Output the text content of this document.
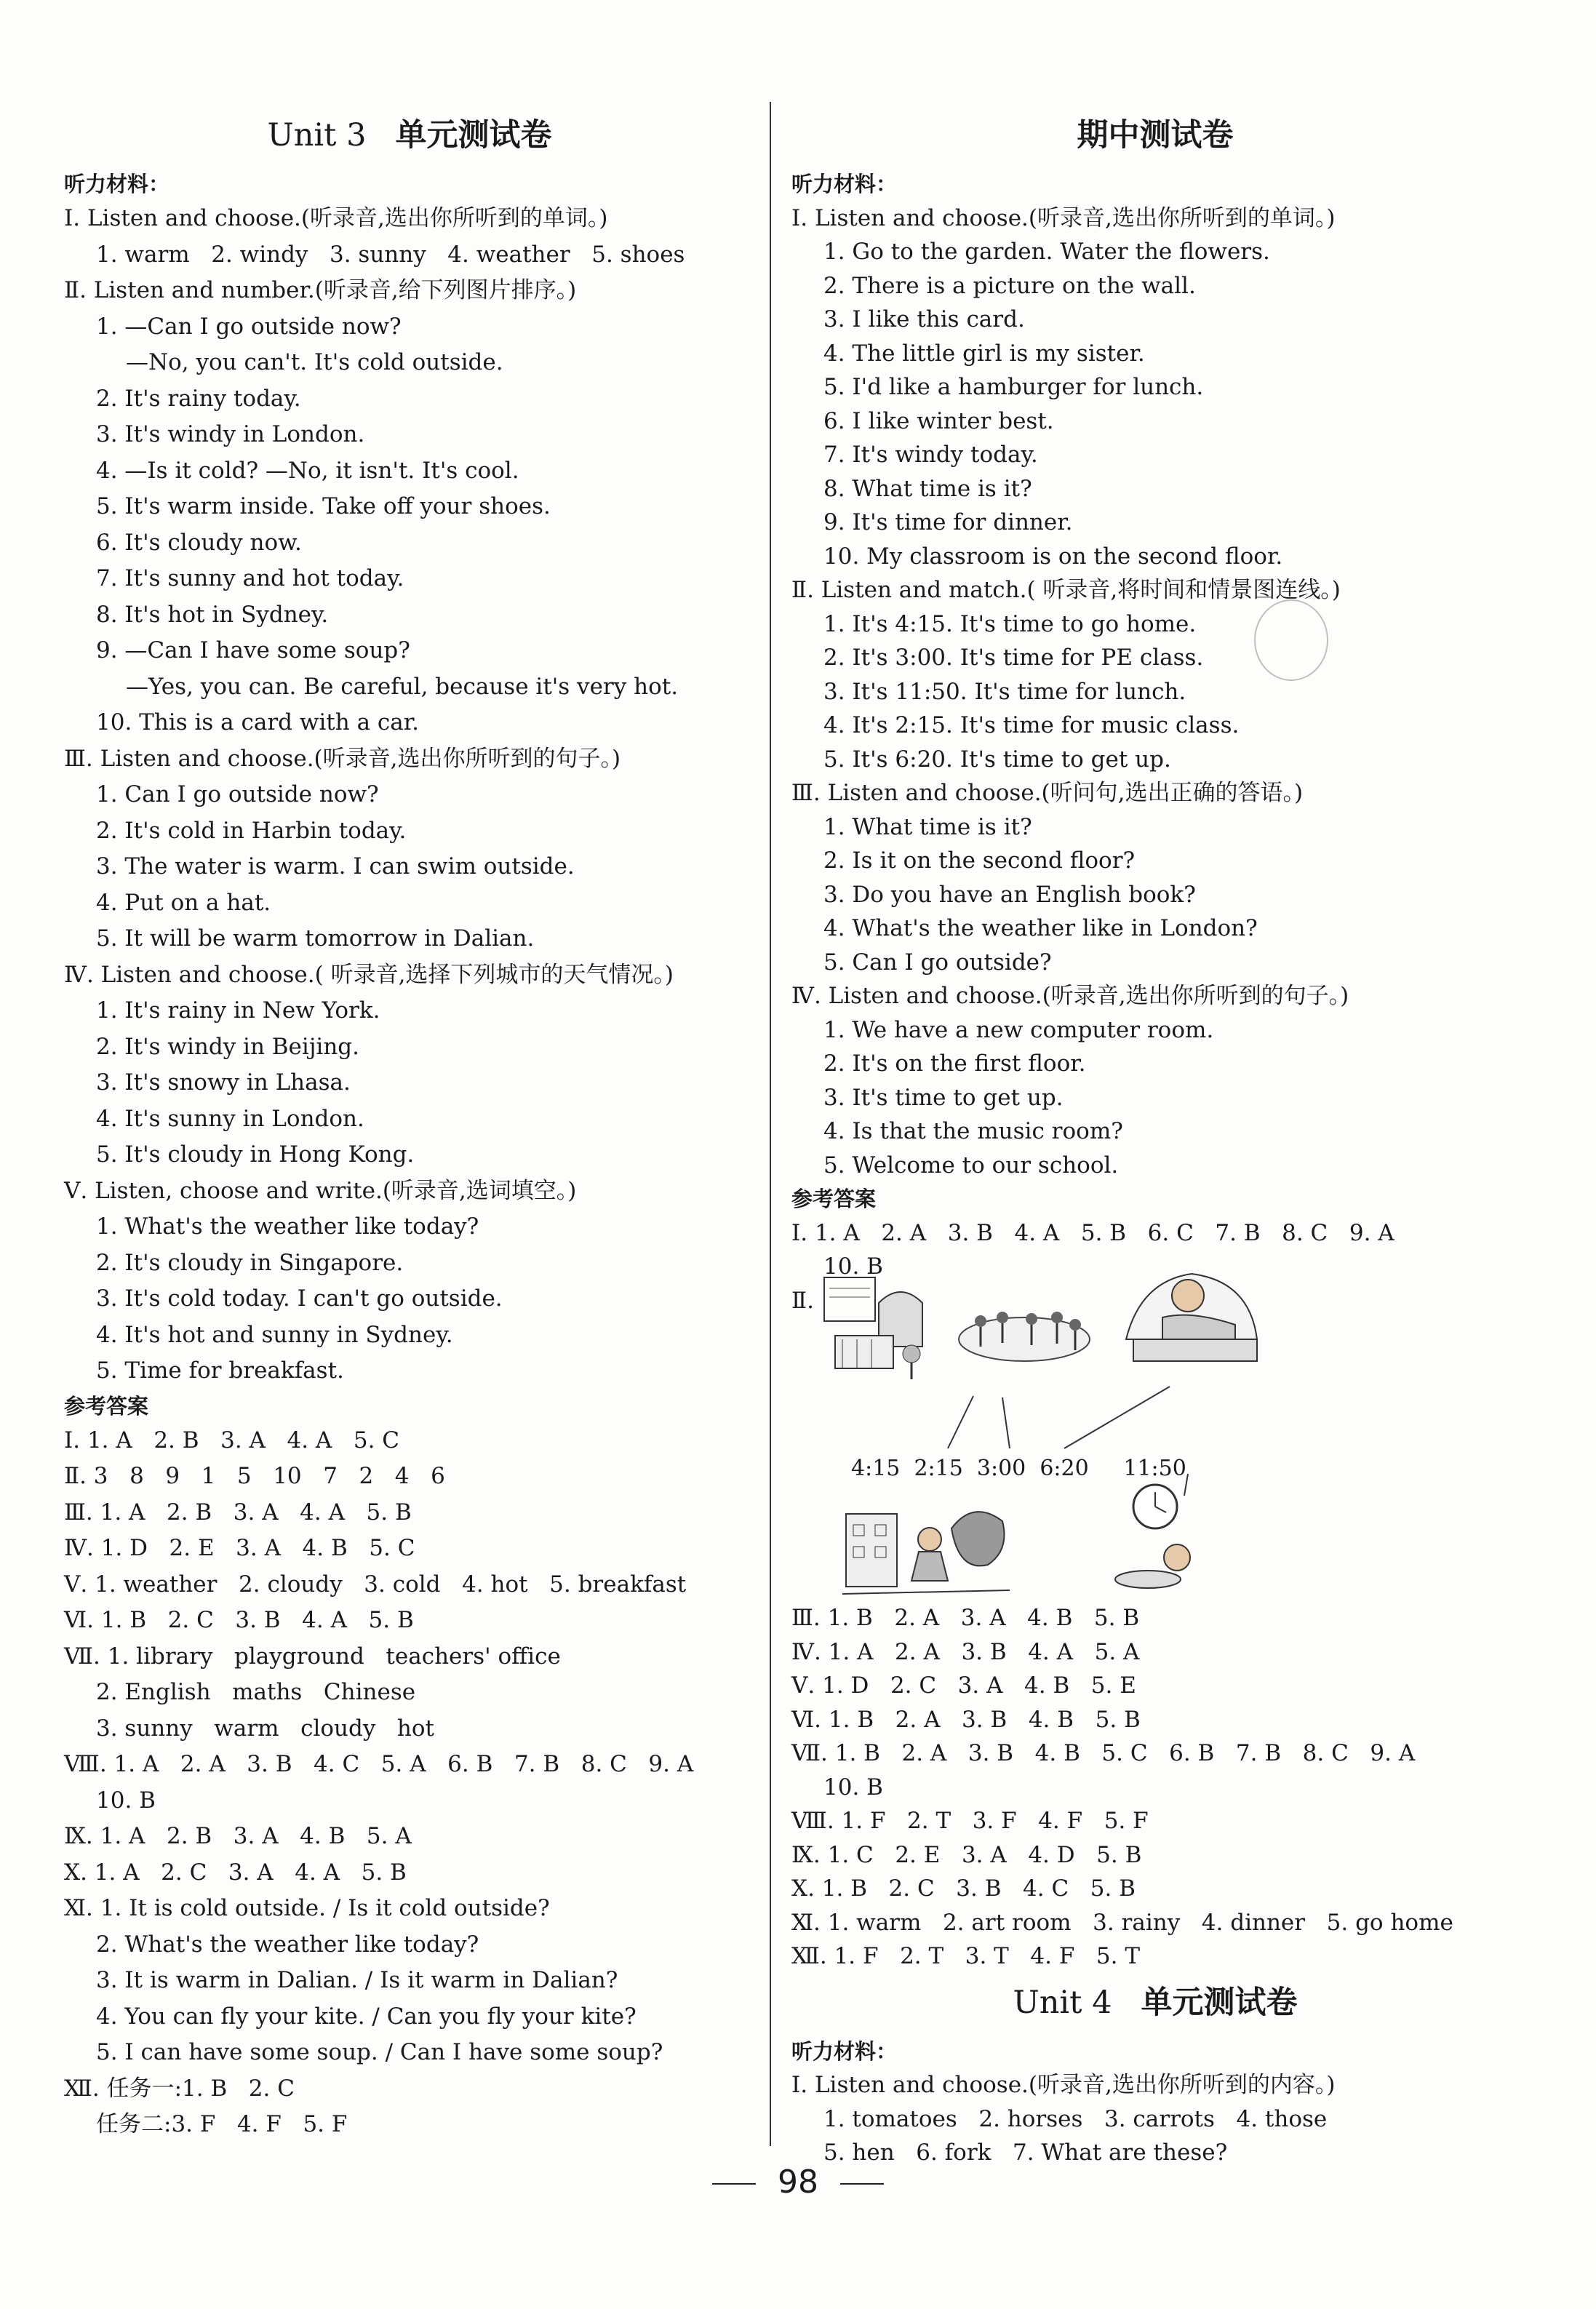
Unit 3 单元测试卷
听力材料：
Ⅰ. Listen and choose.(听录音,选出你所听到的单词。)
1. warm   2. windy   3. sunny   4. weather   5. shoes
Ⅱ. Listen and number.(听录音,给下列图片排序。)
1. —Can I go outside now?
—No, you can't. It's cold outside.
2. It's rainy today.
3. It's windy in London.
4. —Is it cold? —No, it isn't. It's cool.
5. It's warm inside. Take off your shoes.
6. It's cloudy now.
7. It's sunny and hot today.
8. It's hot in Sydney.
9. —Can I have some soup?
—Yes, you can. Be careful, because it's very hot.
10. This is a card with a car.
Ⅲ. Listen and choose.(听录音,选出你所听到的句子。)
1. Can I go outside now?
2. It's cold in Harbin today.
3. The water is warm. I can swim outside.
4. Put on a hat.
5. It will be warm tomorrow in Dalian.
Ⅳ. Listen and choose.( 听录音,选择下列城市的天气情况。)
1. It's rainy in New York.
2. It's windy in Beijing.
3. It's snowy in Lhasa.
4. It's sunny in London.
5. It's cloudy in Hong Kong.
Ⅴ. Listen, choose and write.(听录音,选词填空。)
1. What's the weather like today?
2. It's cloudy in Singapore.
3. It's cold today. I can't go outside.
4. It's hot and sunny in Sydney.
5. Time for breakfast.
参考答案
Ⅰ. 1. A   2. B   3. A   4. A   5. C
Ⅱ. 3   8   9   1   5   10   7   2   4   6
Ⅲ. 1. A   2. B   3. A   4. A   5. B
Ⅳ. 1. D   2. E   3. A   4. B   5. C
Ⅴ. 1. weather   2. cloudy   3. cold   4. hot   5. breakfast
Ⅵ. 1. B   2. C   3. B   4. A   5. B
Ⅶ. 1. library   playground   teachers' office
2. English   maths   Chinese
3. sunny   warm   cloudy   hot
Ⅷ. 1. A   2. A   3. B   4. C   5. A   6. B   7. B   8. C   9. A
10. B
Ⅸ. 1. A   2. B   3. A   4. B   5. A
Ⅹ. 1. A   2. C   3. A   4. A   5. B
Ⅺ. 1. It is cold outside. / Is it cold outside?
2. What's the weather like today?
3. It is warm in Dalian. / Is it warm in Dalian?
4. You can fly your kite. / Can you fly your kite?
5. I can have some soup. / Can I have some soup?
Ⅻ. 任务一:1. B   2. C
任务二:3. F   4. F   5. F
期中测试卷
听力材料：
Ⅰ. Listen and choose.(听录音,选出你所听到的单词。)
1. Go to the garden. Water the flowers.
2. There is a picture on the wall.
3. I like this card.
4. The little girl is my sister.
5. I'd like a hamburger for lunch.
6. I like winter best.
7. It's windy today.
8. What time is it?
9. It's time for dinner.
10. My classroom is on the second floor.
Ⅱ. Listen and match.( 听录音,将时间和情景图连线。)
1. It's 4:15. It's time to go home.
2. It's 3:00. It's time for PE class.
3. It's 11:50. It's time for lunch.
4. It's 2:15. It's time for music class.
5. It's 6:20. It's time to get up.
Ⅲ. Listen and choose.(听问句,选出正确的答语。)
1. What time is it?
2. Is it on the second floor?
3. Do you have an English book?
4. What's the weather like in London?
5. Can I go outside?
Ⅳ. Listen and choose.(听录音,选出你所听到的句子。)
1. We have a new computer room.
2. It's on the first floor.
3. It's time to get up.
4. Is that the music room?
5. Welcome to our school.
参考答案
Ⅰ. 1. A   2. A   3. B   4. A   5. B   6. C   7. B   8. C   9. A
10. B
Ⅱ.
4:15  2:15  3:00  6:20     11:50
Ⅲ. 1. B   2. A   3. A   4. B   5. B
Ⅳ. 1. A   2. A   3. B   4. A   5. A
Ⅴ. 1. D   2. C   3. A   4. B   5. E
Ⅵ. 1. B   2. A   3. B   4. B   5. B
Ⅶ. 1. B   2. A   3. B   4. B   5. C   6. B   7. B   8. C   9. A
10. B
Ⅷ. 1. F   2. T   3. F   4. F   5. F
Ⅸ. 1. C   2. E   3. A   4. D   5. B
Ⅹ. 1. B   2. C   3. B   4. C   5. B
Ⅺ. 1. warm   2. art room   3. rainy   4. dinner   5. go home
Ⅻ. 1. F   2. T   3. T   4. F   5. T
Unit 4 单元测试卷
听力材料：
Ⅰ. Listen and choose.(听录音,选出你所听到的内容。)
1. tomatoes   2. horses   3. carrots   4. those
5. hen   6. fork   7. What are these?
98
